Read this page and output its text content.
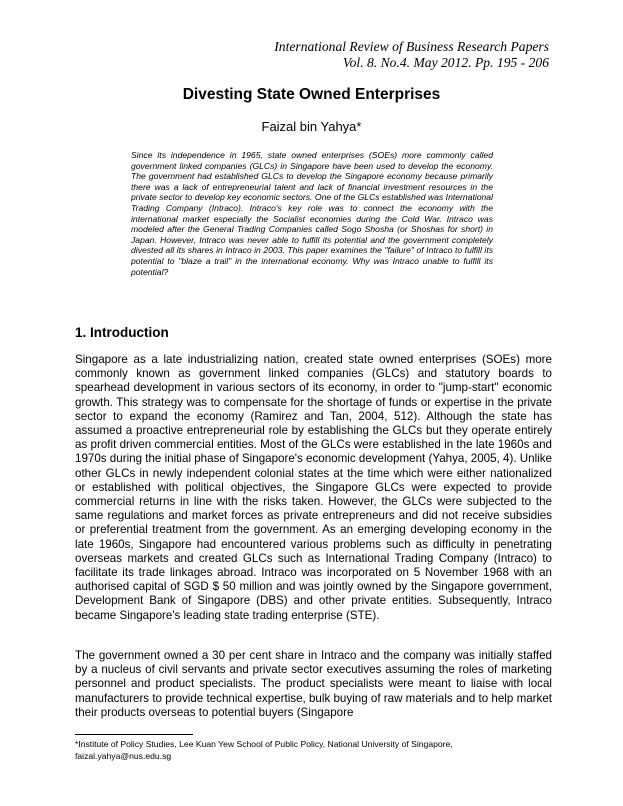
International Review of Business Research Papers
Vol. 8. No.4. May 2012. Pp. 195 - 206
Divesting State Owned Enterprises
Faizal bin Yahya*

Since its independence in 1965, state owned enterprises (SOEs) more commonly called government linked companies (GLCs) in Singapore have been used to develop the economy. The government had established GLCs to develop the Singapore economy because primarily there was a lack of entrepreneurial talent and lack of financial investment resources in the private sector to develop key economic sectors. One of the GLCs established was International Trading Company (Intraco). Intraco's key role was to connect the economy with the international market especially the Socialist economies during the Cold War. Intraco was modeled after the General Trading Companies called Sogo Shosha (or Shoshas for short) in Japan. However, Intraco was never able to fulfill its potential and the government completely divested all its shares in Intraco in 2003. This paper examines the "failure" of Intraco to fulfill its potential to "blaze a trail" in the international economy. Why was Intraco unable to fulfill its potential?

1. Introduction

Singapore as a late industrializing nation, created state owned enterprises (SOEs) more commonly known as government linked companies (GLCs) and statutory boards to spearhead development in various sectors of its economy, in order to "jump-start" economic growth. This strategy was to compensate for the shortage of funds or expertise in the private sector to expand the economy (Ramirez and Tan, 2004, 512). Although the state has assumed a proactive entrepreneurial role by establishing the GLCs but they operate entirely as profit driven commercial entities. Most of the GLCs were established in the late 1960s and 1970s during the initial phase of Singapore's economic development (Yahya, 2005, 4). Unlike other GLCs in newly independent colonial states at the time which were either nationalized or established with political objectives, the Singapore GLCs were expected to provide commercial returns in line with the risks taken. However, the GLCs were subjected to the same regulations and market forces as private entrepreneurs and did not receive subsidies or preferential treatment from the government. As an emerging developing economy in the late 1960s, Singapore had encountered various problems such as difficulty in penetrating overseas markets and created GLCs such as International Trading Company (Intraco) to facilitate its trade linkages abroad. Intraco was incorporated on 5 November 1968 with an authorised capital of SGD $ 50 million and was jointly owned by the Singapore government, Development Bank of Singapore (DBS) and other private entities. Subsequently, Intraco became Singapore's leading state trading enterprise (STE).

The government owned a 30 per cent share in Intraco and the company was initially staffed by a nucleus of civil servants and private sector executives assuming the roles of marketing personnel and product specialists. The product specialists were meant to liaise with local manufacturers to provide technical expertise, bulk buying of raw materials and to help market their products overseas to potential buyers (Singapore

*Institute of Policy Studies, Lee Kuan Yew School of Public Policy, National University of Singapore,
faizal.yahya@nus.edu.sg
